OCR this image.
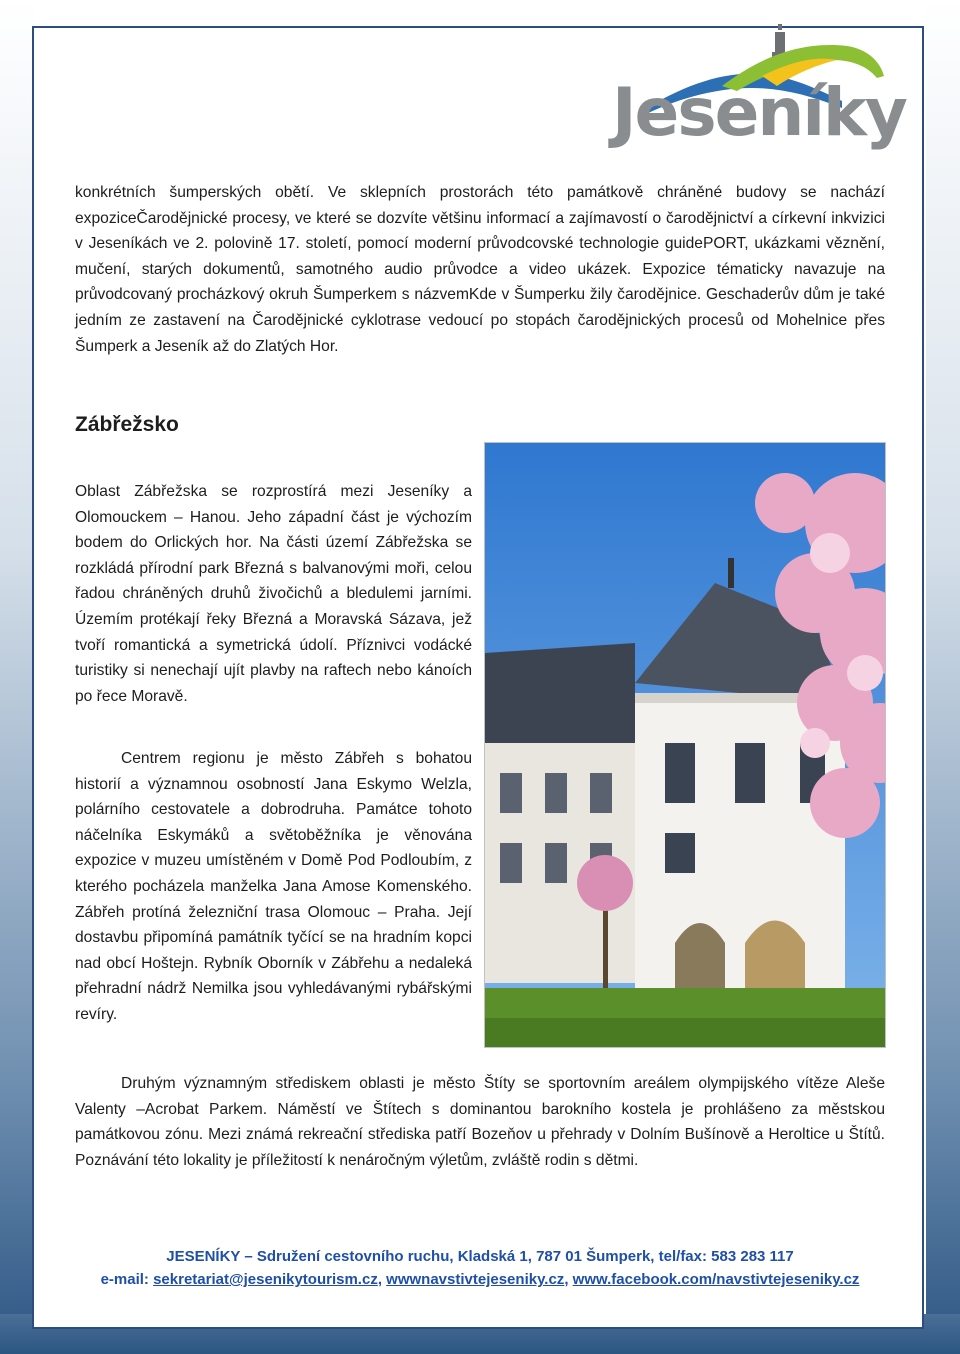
Jeseníky

konkrétních šumperských obětí. Ve sklepních prostorách této památkově chráněné budovy se nachází expoziceČarodějnické procesy, ve které se dozvíte většinu informací a zajímavostí o čarodějnictví a církevní inkvizici v Jeseníkách ve 2. polovině 17. století, pomocí moderní průvodcovské technologie guidePORT, ukázkami věznění, mučení, starých dokumentů, samotného audio průvodce a video ukázek. Expozice tématicky navazuje na průvodcovaný procházkový okruh Šumperkem s názvemKde v Šumperku žily čarodějnice. Geschaderův dům je také jedním ze zastavení na Čarodějnické cyklotrase vedoucí po stopách čarodějnických procesů od Mohelnice přes Šumperk a Jeseník až do Zlatých Hor.

Zábřežsko

Oblast Zábřežska se rozprostírá mezi Jeseníky a Olomouckem – Hanou. Jeho západní část je výchozím bodem do Orlických hor. Na části území Zábřežska se rozkládá přírodní park Březná s balvanovými moři, celou řadou chráněných druhů živočichů a bledulemi jarními. Územím protékají řeky Březná a Moravská Sázava, jež tvoří romantická a symetrická údolí. Příznivci vodácké turistiky si nenechají ujít plavby na raftech nebo kánoích po řece Moravě.

Centrem regionu je město Zábřeh s bohatou historií a významnou osobností Jana Eskymo Welzla, polárního cestovatele a dobrodruha. Památce tohoto náčelníka Eskymáků a světoběžníka je věnována expozice v muzeu umístěném v Domě Pod Podloubím, z kterého pocházela manželka Jana Amose Komenského. Zábřeh protíná železniční trasa Olomouc – Praha. Její dostavbu připomíná památník tyčící se na hradním kopci nad obcí Hoštejn. Rybník Oborník v Zábřehu a nedaleká přehradní nádrž Nemilka jsou vyhledávanými rybářskými revíry.

Druhým významným střediskem oblasti je město Štíty se sportovním areálem olympijského vítěze Aleše Valenty –Acrobat Parkem. Náměstí ve Štítech s dominantou barokního kostela je prohlášeno za městskou památkovou zónu. Mezi známá rekreační střediska patří Bozeňov u přehrady v Dolním Bušínově a Heroltice u Štítů. Poznávání této lokality je příležitostí k nenáročným výletům, zvláště rodin s dětmi.

JESENÍKY – Sdružení cestovního ruchu, Kladská 1, 787 01 Šumperk, tel/fax: 583 283 117
e-mail: sekretariat@jesenikytourism.cz, wwwnavstivtejeseniky.cz, www.facebook.com/navstivtejeseniky.cz
